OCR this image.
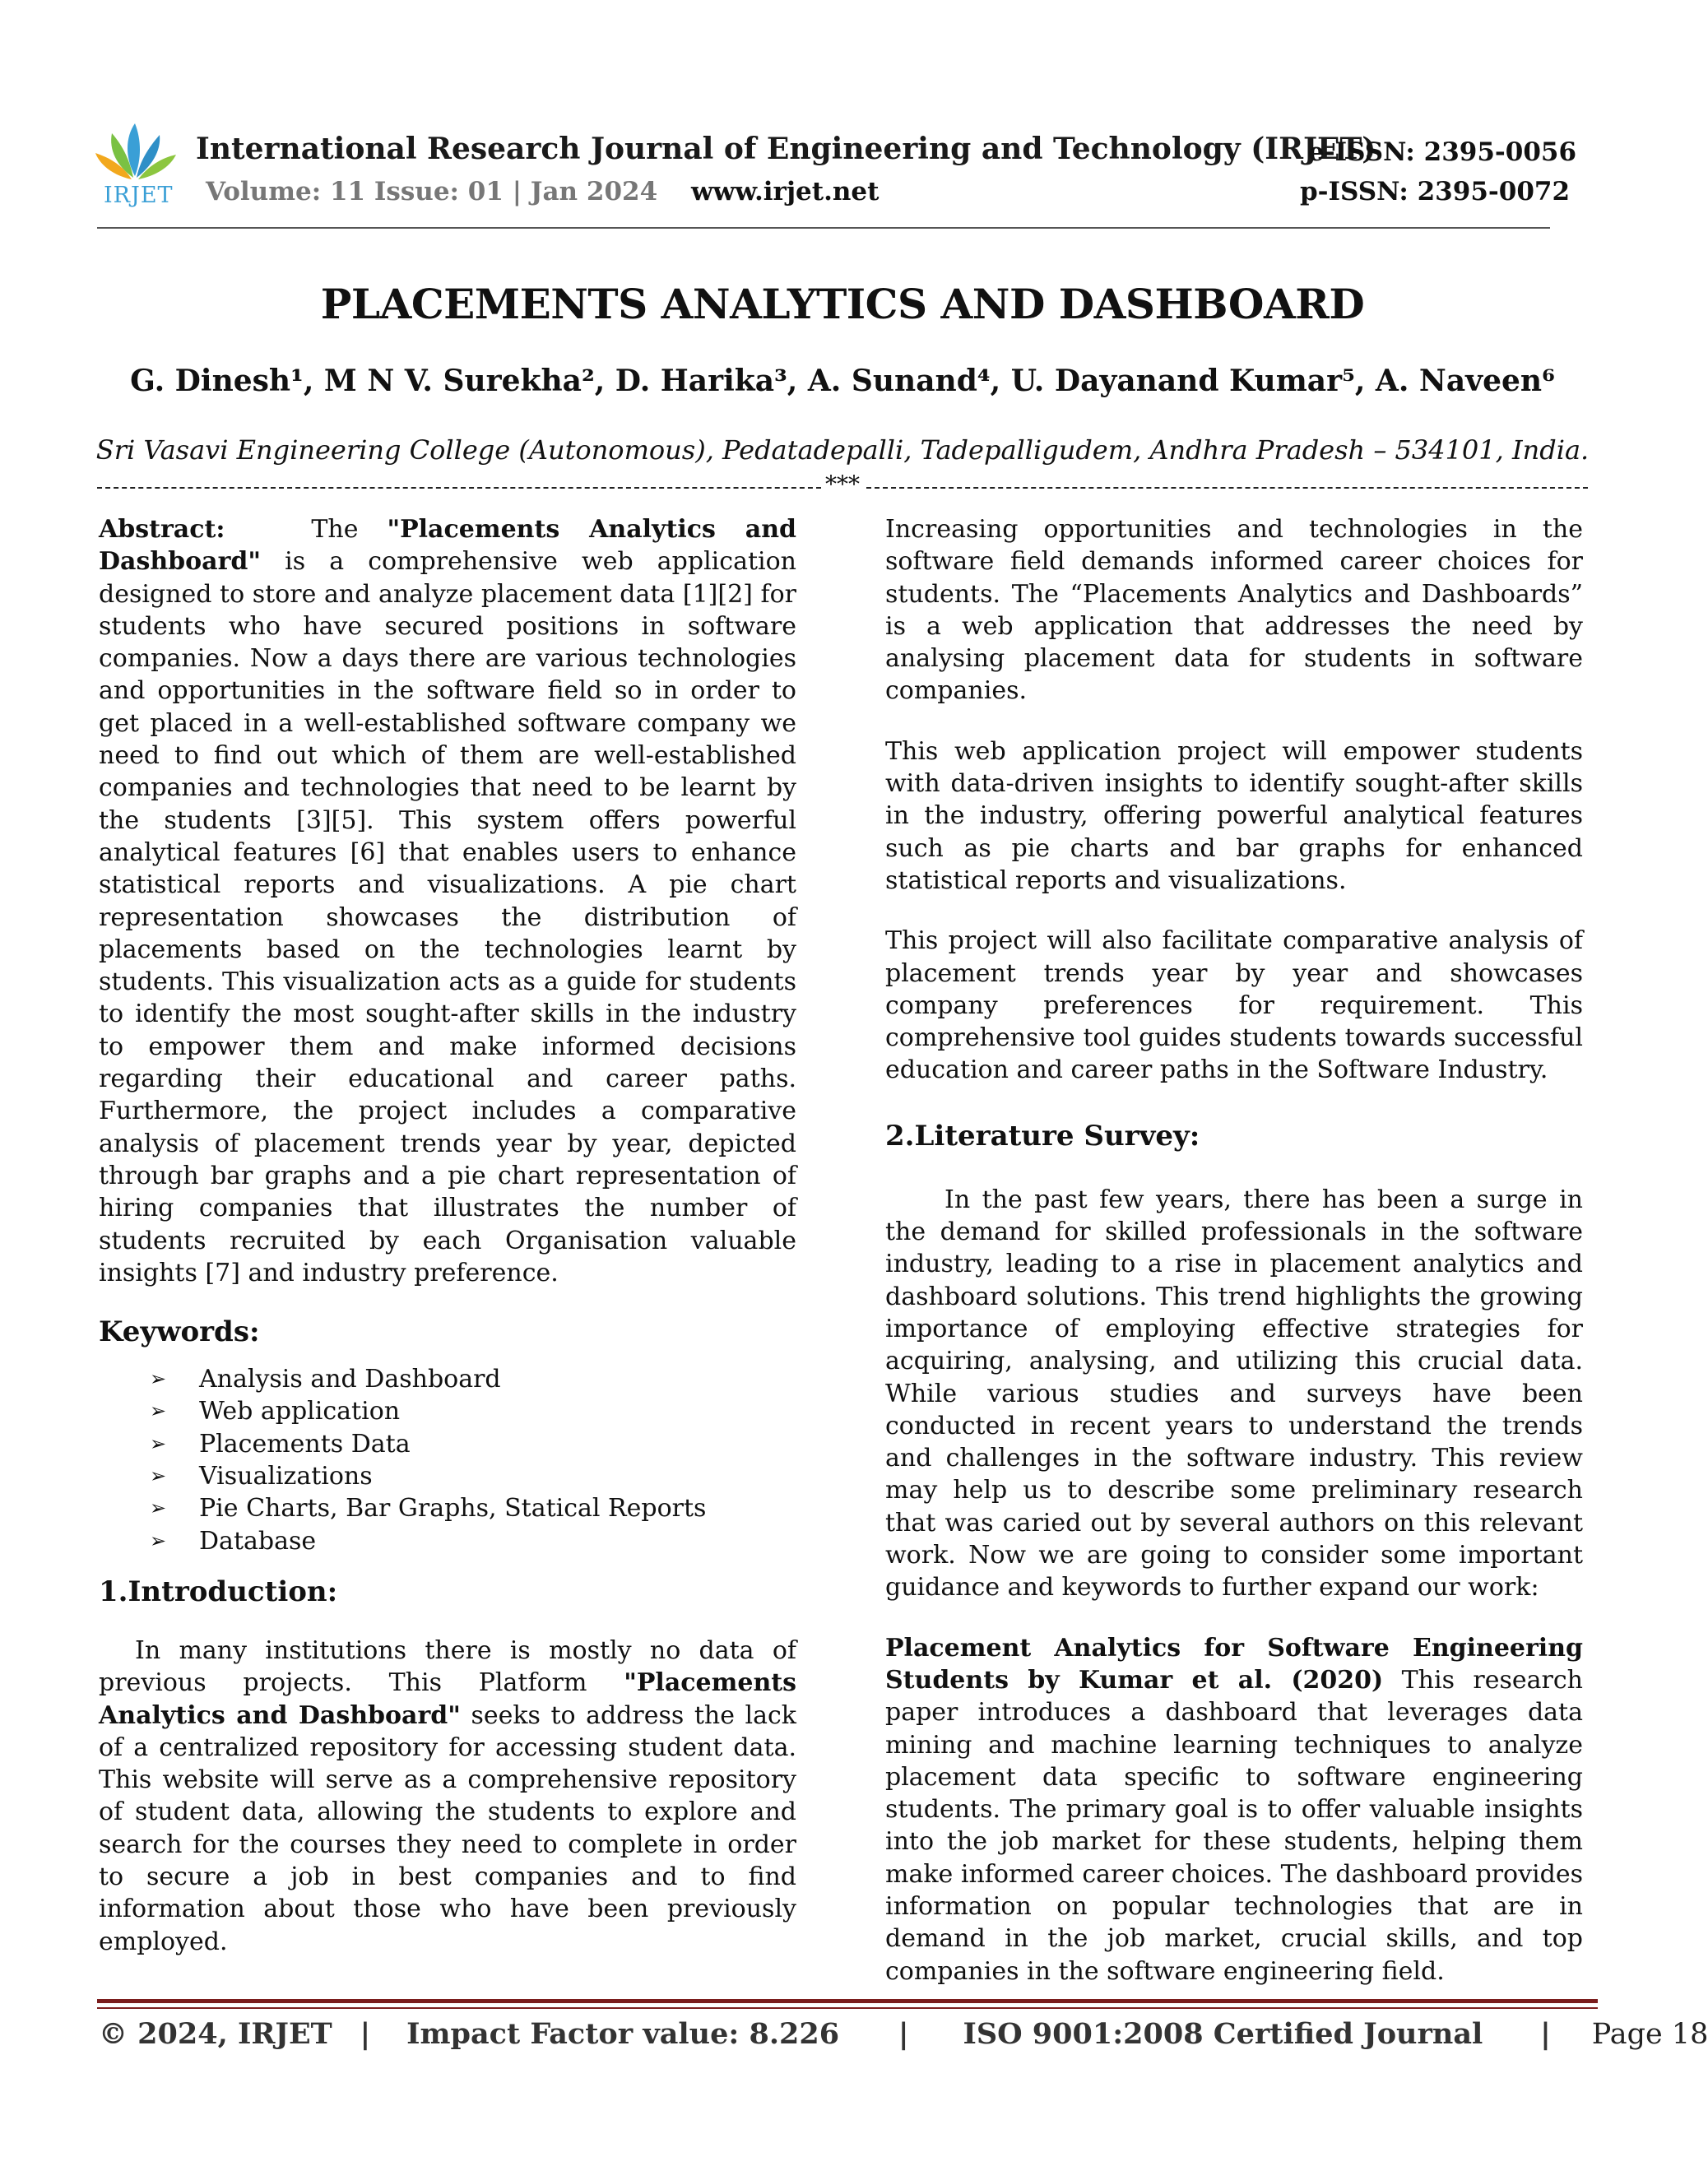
IRJET
International Research Journal of Engineering and Technology (IRJET)
e-ISSN: 2395-0056
Volume: 11 Issue: 01 | Jan 2024 www.irjet.net	p-ISSN: 2395-0072
PLACEMENTS ANALYTICS AND DASHBOARD
G. Dinesh¹, M N V. Surekha², D. Harika³, A. Sunand⁴, U. Dayanand Kumar⁵, A. Naveen⁶
Sri Vasavi Engineering College (Autonomous), Pedatadepalli, Tadepalligudem, Andhra Pradesh – 534101, India.
***

Abstract:	The "Placements Analytics and Dashboard" is a comprehensive web application designed to store and analyze placement data [1][2] for students who have secured positions in software companies. Now a days there are various technologies and opportunities in the software field so in order to get placed in a well-established software company we need to find out which of them are well-established companies and technologies that need to be learnt by the students [3][5]. This system offers powerful analytical features [6] that enables users to enhance statistical reports and visualizations. A pie chart representation showcases the distribution of placements based on the technologies learnt by students. This visualization acts as a guide for students to identify the most sought-after skills in the industry to empower them and make informed decisions regarding their educational and career paths. Furthermore, the project includes a comparative analysis of placement trends year by year, depicted through bar graphs and a pie chart representation of hiring companies that illustrates the number of students recruited by each Organisation valuable insights [7] and industry preference.

Keywords:

➢ Analysis and Dashboard
➢ Web application
➢ Placements Data
➢ Visualizations
➢ Pie Charts, Bar Graphs, Statical Reports
➢ Database

1.Introduction:

In many institutions there is mostly no data of previous projects. This Platform "Placements Analytics and Dashboard" seeks to address the lack of a centralized repository for accessing student data. This website will serve as a comprehensive repository of student data, allowing the students to explore and search for the courses they need to complete in order to secure a job in best companies and to find information about those who have been previously employed.

Increasing opportunities and technologies in the software field demands informed career choices for students. The “Placements Analytics and Dashboards” is a web application that addresses the need by analysing placement data for students in software companies.

This web application project will empower students with data-driven insights to identify sought-after skills in the industry, offering powerful analytical features such as pie charts and bar graphs for enhanced statistical reports and visualizations.

This project will also facilitate comparative analysis of placement trends year by year and showcases company preferences for requirement. This comprehensive tool guides students towards successful education and career paths in the Software Industry.

2.Literature Survey:

In the past few years, there has been a surge in the demand for skilled professionals in the software industry, leading to a rise in placement analytics and dashboard solutions. This trend highlights the growing importance of employing effective strategies for acquiring, analysing, and utilizing this crucial data. While various studies and surveys have been conducted in recent years to understand the trends and challenges in the software industry. This review may help us to describe some preliminary research that was caried out by several authors on this relevant work. Now we are going to consider some important guidance and keywords to further expand our work:

Placement Analytics for Software Engineering Students by Kumar et al. (2020) This research paper introduces a dashboard that leverages data mining and machine learning techniques to analyze placement data specific to software engineering students. The primary goal is to offer valuable insights into the job market for these students, helping them make informed career choices. The dashboard provides information on popular technologies that are in demand in the job market, crucial skills, and top companies in the software engineering field.

© 2024, IRJET | Impact Factor value: 8.226 | ISO 9001:2008 Certified Journal | Page 18
